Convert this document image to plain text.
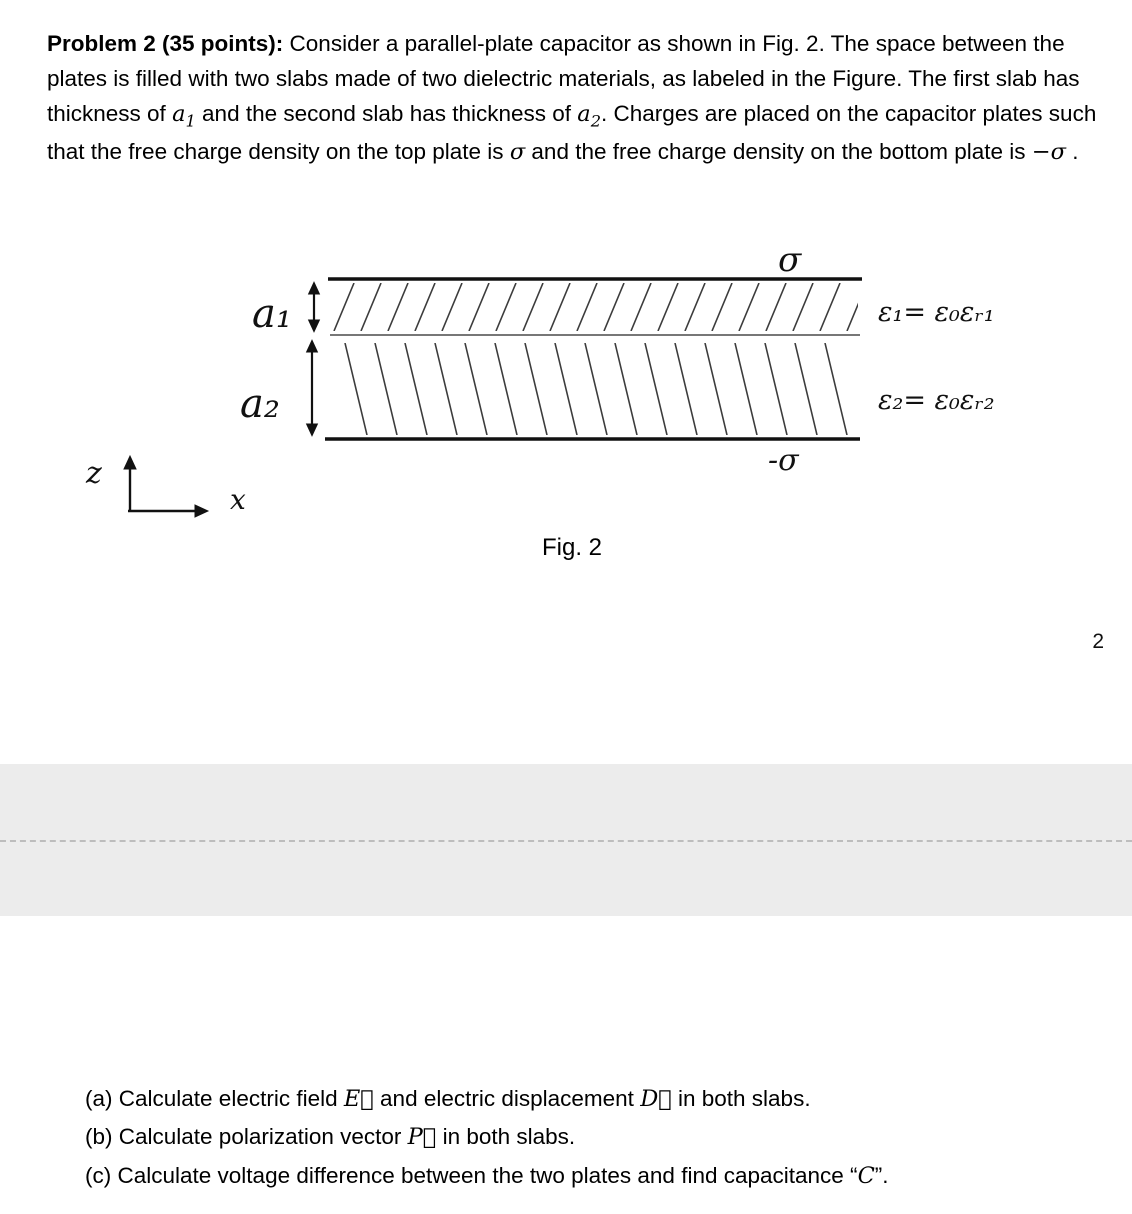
Problem 2 (35 points): Consider a parallel-plate capacitor as shown in Fig. 2. The space between the plates is filled with two slabs made of two dielectric materials, as labeled in the Figure. The first slab has thickness of $a_1$ and the second slab has thickness of $a_2$. Charges are placed on the capacitor plates such that the free charge density on the top plate is σ and the free charge density on the bottom plate is −σ .

a₁
a₂
ε₁= ε₀εᵣ₁
ε₂= ε₀εᵣ₂
σ
-σ
z
x
Fig. 2
2
(a) Calculate electric field E⃗ and electric displacement D⃗ in both slabs.
(b) Calculate polarization vector P⃗ in both slabs.
(c) Calculate voltage difference between the two plates and find capacitance “C”.
